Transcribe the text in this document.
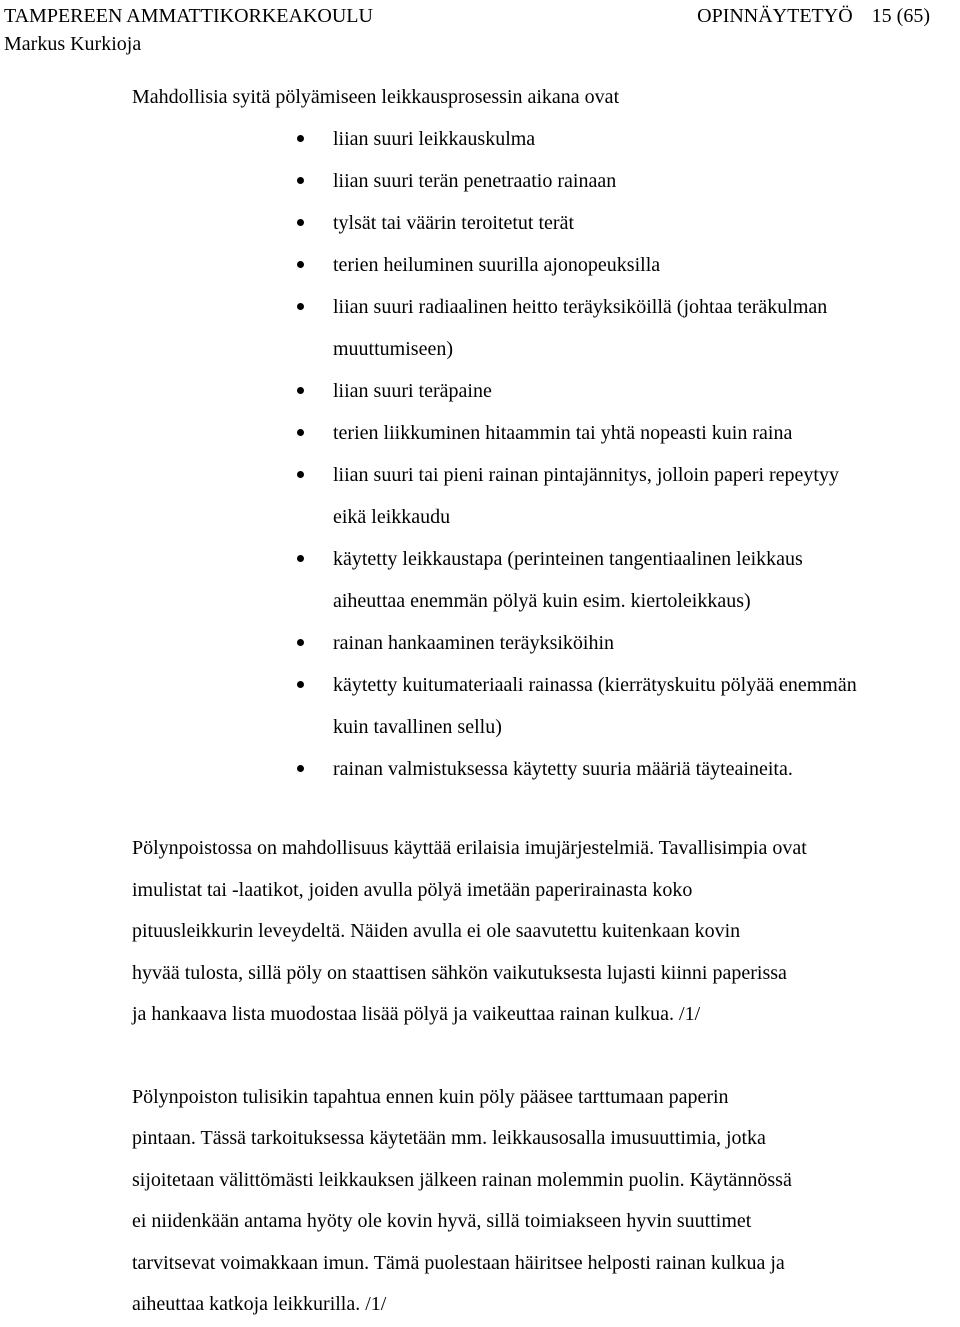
TAMPEREEN AMMATTIKORKEAKOULU	OPINNÄYTETYÖ 15 (65)
Markus Kurkioja

Mahdollisia syitä pölyämiseen leikkausprosessin aikana ovat

liian suuri leikkauskulma
liian suuri terän penetraatio rainaan
tylsät tai väärin teroitetut terät
terien heiluminen suurilla ajonopeuksilla
liian suuri radiaalinen heitto teräyksiköillä (johtaa teräkulman
muuttumiseen)
liian suuri teräpaine
terien liikkuminen hitaammin tai yhtä nopeasti kuin raina
liian suuri tai pieni rainan pintajännitys, jolloin paperi repeytyy
eikä leikkaudu
käytetty leikkaustapa (perinteinen tangentiaalinen leikkaus
aiheuttaa enemmän pölyä kuin esim. kiertoleikkaus)
rainan hankaaminen teräyksiköihin
käytetty kuitumateriaali rainassa (kierrätyskuitu pölyää enemmän
kuin tavallinen sellu)
rainan valmistuksessa käytetty suuria määriä täyteaineita.

Pölynpoistossa on mahdollisuus käyttää erilaisia imujärjestelmiä. Tavallisimpia ovat
imulistat tai -laatikot, joiden avulla pölyä imetään paperirainasta koko
pituusleikkurin leveydeltä. Näiden avulla ei ole saavutettu kuitenkaan kovin
hyvää tulosta, sillä pöly on staattisen sähkön vaikutuksesta lujasti kiinni paperissa
ja hankaava lista muodostaa lisää pölyä ja vaikeuttaa rainan kulkua. /1/

Pölynpoiston tulisikin tapahtua ennen kuin pöly pääsee tarttumaan paperin
pintaan. Tässä tarkoituksessa käytetään mm. leikkausosalla imusuuttimia, jotka
sijoitetaan välittömästi leikkauksen jälkeen rainan molemmin puolin. Käytännössä
ei niidenkään antama hyöty ole kovin hyvä, sillä toimiakseen hyvin suuttimet
tarvitsevat voimakkaan imun. Tämä puolestaan häiritsee helposti rainan kulkua ja
aiheuttaa katkoja leikkurilla. /1/
